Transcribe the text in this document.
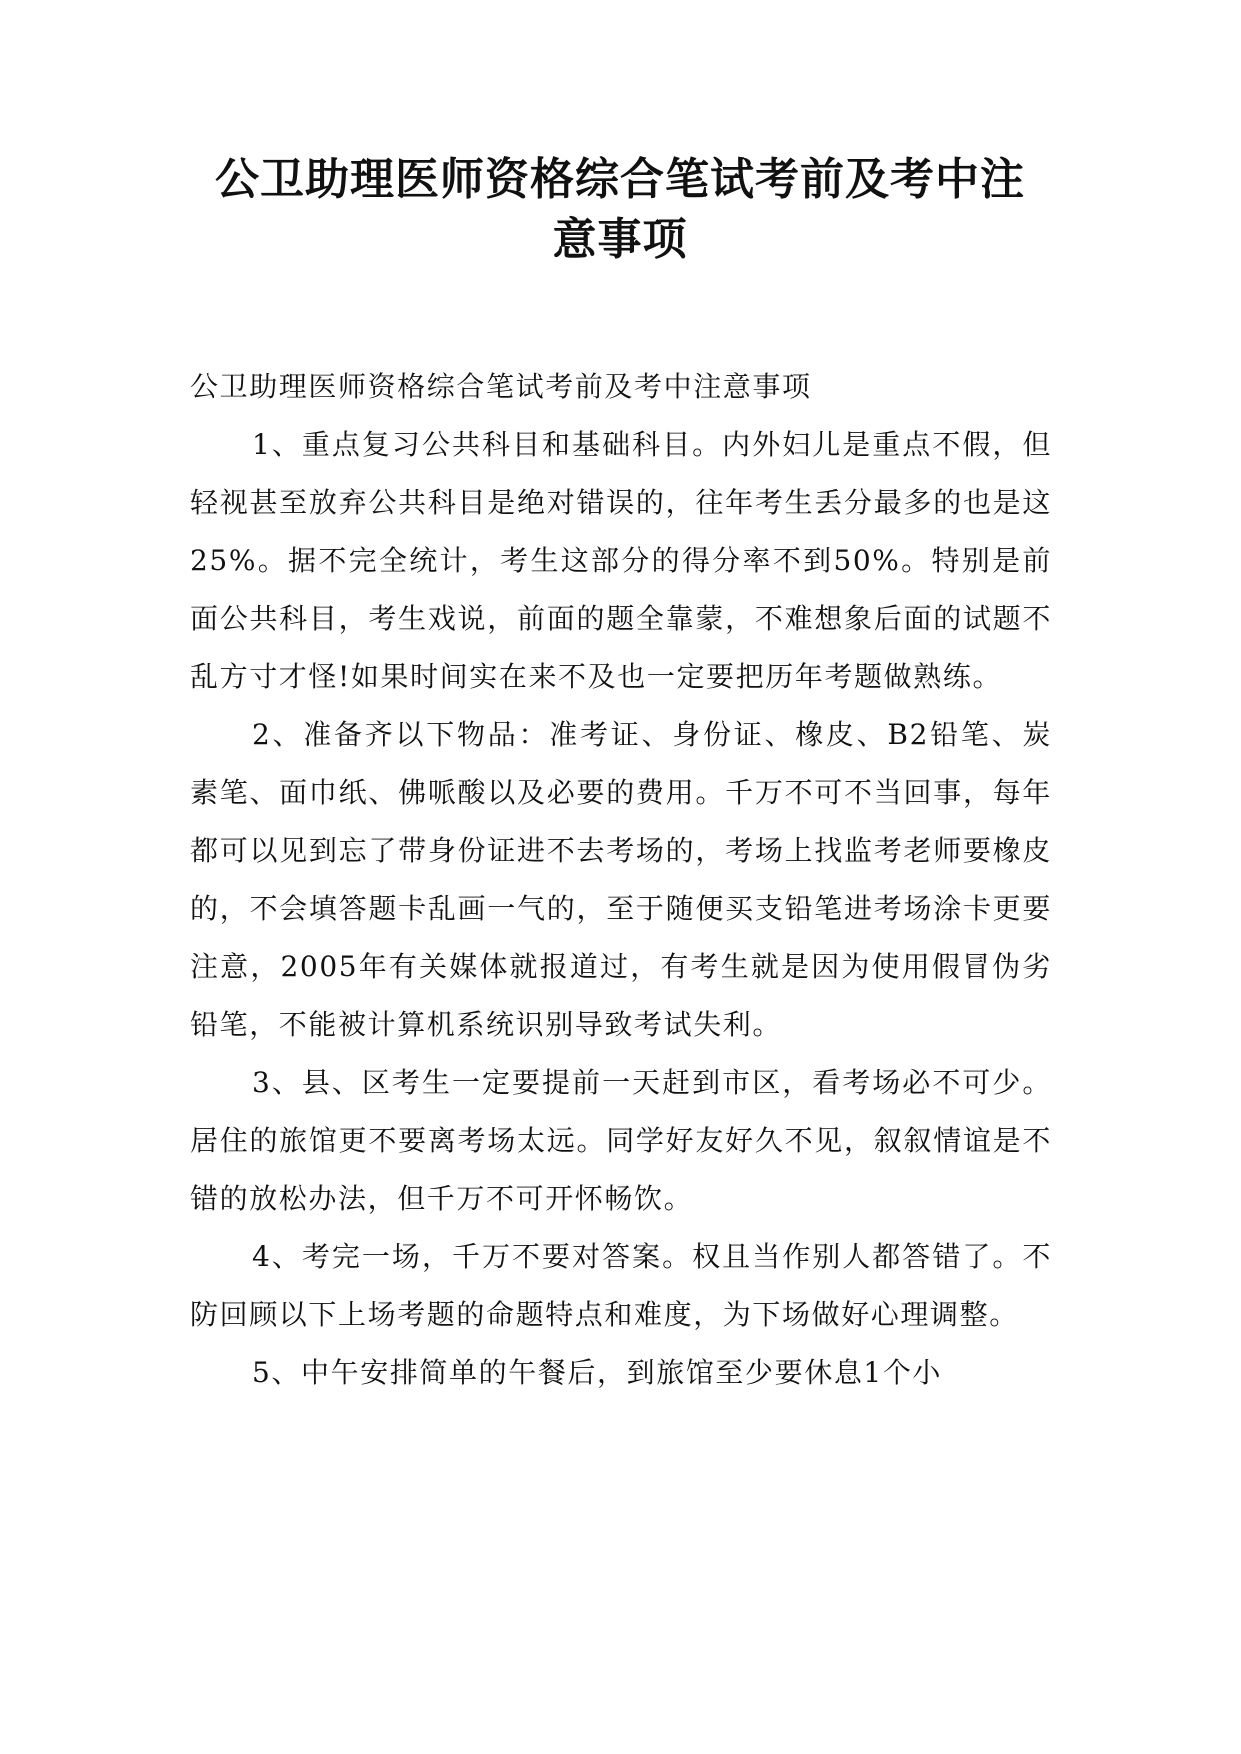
公卫助理医师资格综合笔试考前及考中注
意事项

公卫助理医师资格综合笔试考前及考中注意事项

1、重点复习公共科目和基础科目。内外妇儿是重点不假，但轻视甚至放弃公共科目是绝对错误的，往年考生丢分最多的也是这25%。据不完全统计，考生这部分的得分率不到50%。特别是前面公共科目，考生戏说，前面的题全靠蒙，不难想象后面的试题不乱方寸才怪!如果时间实在来不及也一定要把历年考题做熟练。

2、准备齐以下物品：准考证、身份证、橡皮、B2铅笔、炭素笔、面巾纸、佛哌酸以及必要的费用。千万不可不当回事，每年都可以见到忘了带身份证进不去考场的，考场上找监考老师要橡皮的，不会填答题卡乱画一气的，至于随便买支铅笔进考场涂卡更要注意，2005年有关媒体就报道过，有考生就是因为使用假冒伪劣铅笔，不能被计算机系统识别导致考试失利。

3、县、区考生一定要提前一天赶到市区，看考场必不可少。居住的旅馆更不要离考场太远。同学好友好久不见，叙叙情谊是不错的放松办法，但千万不可开怀畅饮。

4、考完一场，千万不要对答案。权且当作别人都答错了。不防回顾以下上场考题的命题特点和难度，为下场做好心理调整。

5、中午安排简单的午餐后，到旅馆至少要休息1个小
